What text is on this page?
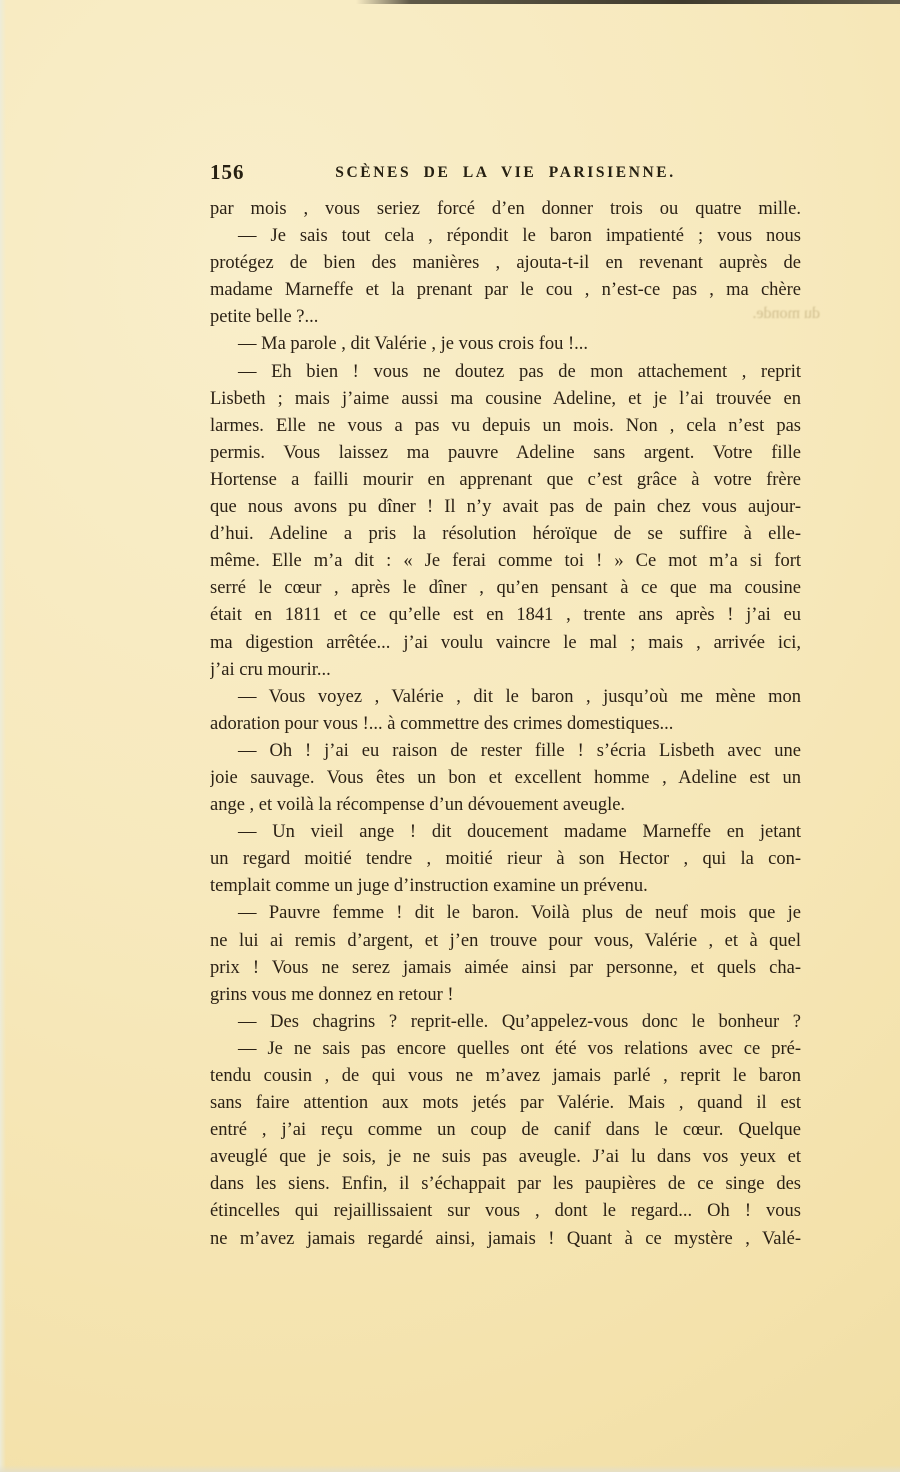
156	SCÈNES DE LA VIE PARISIENNE.
du monde.
par mois , vous seriez forcé d’en donner trois ou quatre mille.
— Je sais tout cela , répondit le baron impatienté ; vous nous
protégez de bien des manières , ajouta-t-il en revenant auprès de
madame Marneffe et la prenant par le cou , n’est-ce pas , ma chère
petite belle ?...
— Ma parole , dit Valérie , je vous crois fou !...
— Eh bien ! vous ne doutez pas de mon attachement , reprit
Lisbeth ; mais j’aime aussi ma cousine Adeline, et je l’ai trouvée en
larmes. Elle ne vous a pas vu depuis un mois. Non , cela n’est pas
permis. Vous laissez ma pauvre Adeline sans argent. Votre fille
Hortense a failli mourir en apprenant que c’est grâce à votre frère
que nous avons pu dîner ! Il n’y avait pas de pain chez vous aujour-
d’hui. Adeline a pris la résolution héroïque de se suffire à elle-
même. Elle m’a dit : « Je ferai comme toi ! » Ce mot m’a si fort
serré le cœur , après le dîner , qu’en pensant à ce que ma cousine
était en 1811 et ce qu’elle est en 1841 , trente ans après ! j’ai eu
ma digestion arrêtée... j’ai voulu vaincre le mal ; mais , arrivée ici,
j’ai cru mourir...
— Vous voyez , Valérie , dit le baron , jusqu’où me mène mon
adoration pour vous !... à commettre des crimes domestiques...
— Oh ! j’ai eu raison de rester fille ! s’écria Lisbeth avec une
joie sauvage. Vous êtes un bon et excellent homme , Adeline est un
ange , et voilà la récompense d’un dévouement aveugle.
— Un vieil ange ! dit doucement madame Marneffe en jetant
un regard moitié tendre , moitié rieur à son Hector , qui la con-
templait comme un juge d’instruction examine un prévenu.
— Pauvre femme ! dit le baron. Voilà plus de neuf mois que je
ne lui ai remis d’argent, et j’en trouve pour vous, Valérie , et à quel
prix ! Vous ne serez jamais aimée ainsi par personne, et quels cha-
grins vous me donnez en retour !
— Des chagrins ? reprit-elle. Qu’appelez-vous donc le bonheur ?
— Je ne sais pas encore quelles ont été vos relations avec ce pré-
tendu cousin , de qui vous ne m’avez jamais parlé , reprit le baron
sans faire attention aux mots jetés par Valérie. Mais , quand il est
entré , j’ai reçu comme un coup de canif dans le cœur. Quelque
aveuglé que je sois, je ne suis pas aveugle. J’ai lu dans vos yeux et
dans les siens. Enfin, il s’échappait par les paupières de ce singe des
étincelles qui rejaillissaient sur vous , dont le regard... Oh ! vous
ne m’avez jamais regardé ainsi, jamais ! Quant à ce mystère , Valé-
